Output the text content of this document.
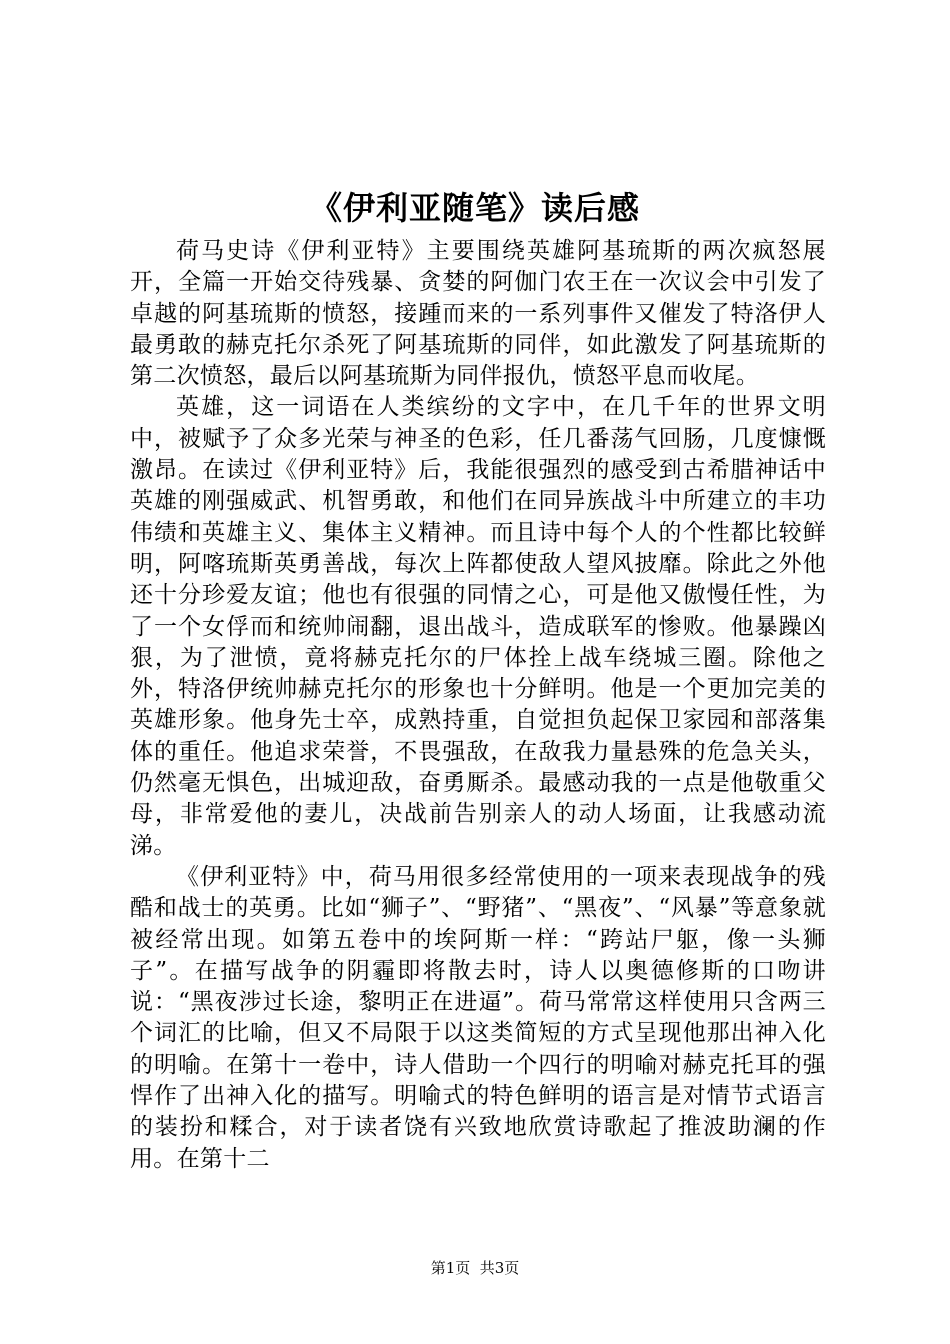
《伊利亚随笔》读后感

荷马史诗《伊利亚特》主要围绕英雄阿基琉斯的两次疯怒展开，全篇一开始交待残暴、贪婪的阿伽门农王在一次议会中引发了卓越的阿基琉斯的愤怒，接踵而来的一系列事件又催发了特洛伊人最勇敢的赫克托尔杀死了阿基琉斯的同伴，如此激发了阿基琉斯的第二次愤怒，最后以阿基琉斯为同伴报仇，愤怒平息而收尾。

英雄，这一词语在人类缤纷的文字中，在几千年的世界文明中，被赋予了众多光荣与神圣的色彩，任几番荡气回肠，几度慷慨激昂。在读过《伊利亚特》后，我能很强烈的感受到古希腊神话中英雄的刚强威武、机智勇敢，和他们在同异族战斗中所建立的丰功伟绩和英雄主义、集体主义精神。而且诗中每个人的个性都比较鲜明，阿喀琉斯英勇善战，每次上阵都使敌人望风披靡。除此之外他还十分珍爱友谊；他也有很强的同情之心，可是他又傲慢任性，为了一个女俘而和统帅闹翻，退出战斗，造成联军的惨败。他暴躁凶狠，为了泄愤，竟将赫克托尔的尸体拴上战车绕城三圈。除他之外，特洛伊统帅赫克托尔的形象也十分鲜明。他是一个更加完美的英雄形象。他身先士卒，成熟持重，自觉担负起保卫家园和部落集体的重任。他追求荣誉，不畏强敌，在敌我力量悬殊的危急关头，仍然毫无惧色，出城迎敌，奋勇厮杀。最感动我的一点是他敬重父母，非常爱他的妻儿，决战前告别亲人的动人场面，让我感动流涕。

《伊利亚特》中，荷马用很多经常使用的一项来表现战争的残酷和战士的英勇。比如“狮子”、“野猪”、“黑夜”、“风暴”等意象就被经常出现。如第五卷中的埃阿斯一样：“跨站尸躯，像一头狮子”。在描写战争的阴霾即将散去时，诗人以奥德修斯的口吻讲说：“黑夜涉过长途，黎明正在进逼”。荷马常常这样使用只含两三个词汇的比喻，但又不局限于以这类简短的方式呈现他那出神入化的明喻。在第十一卷中，诗人借助一个四行的明喻对赫克托耳的强悍作了出神入化的描写。明喻式的特色鲜明的语言是对情节式语言的装扮和糅合，对于读者饶有兴致地欣赏诗歌起了推波助澜的作用。在第十二

第1页  共3页
